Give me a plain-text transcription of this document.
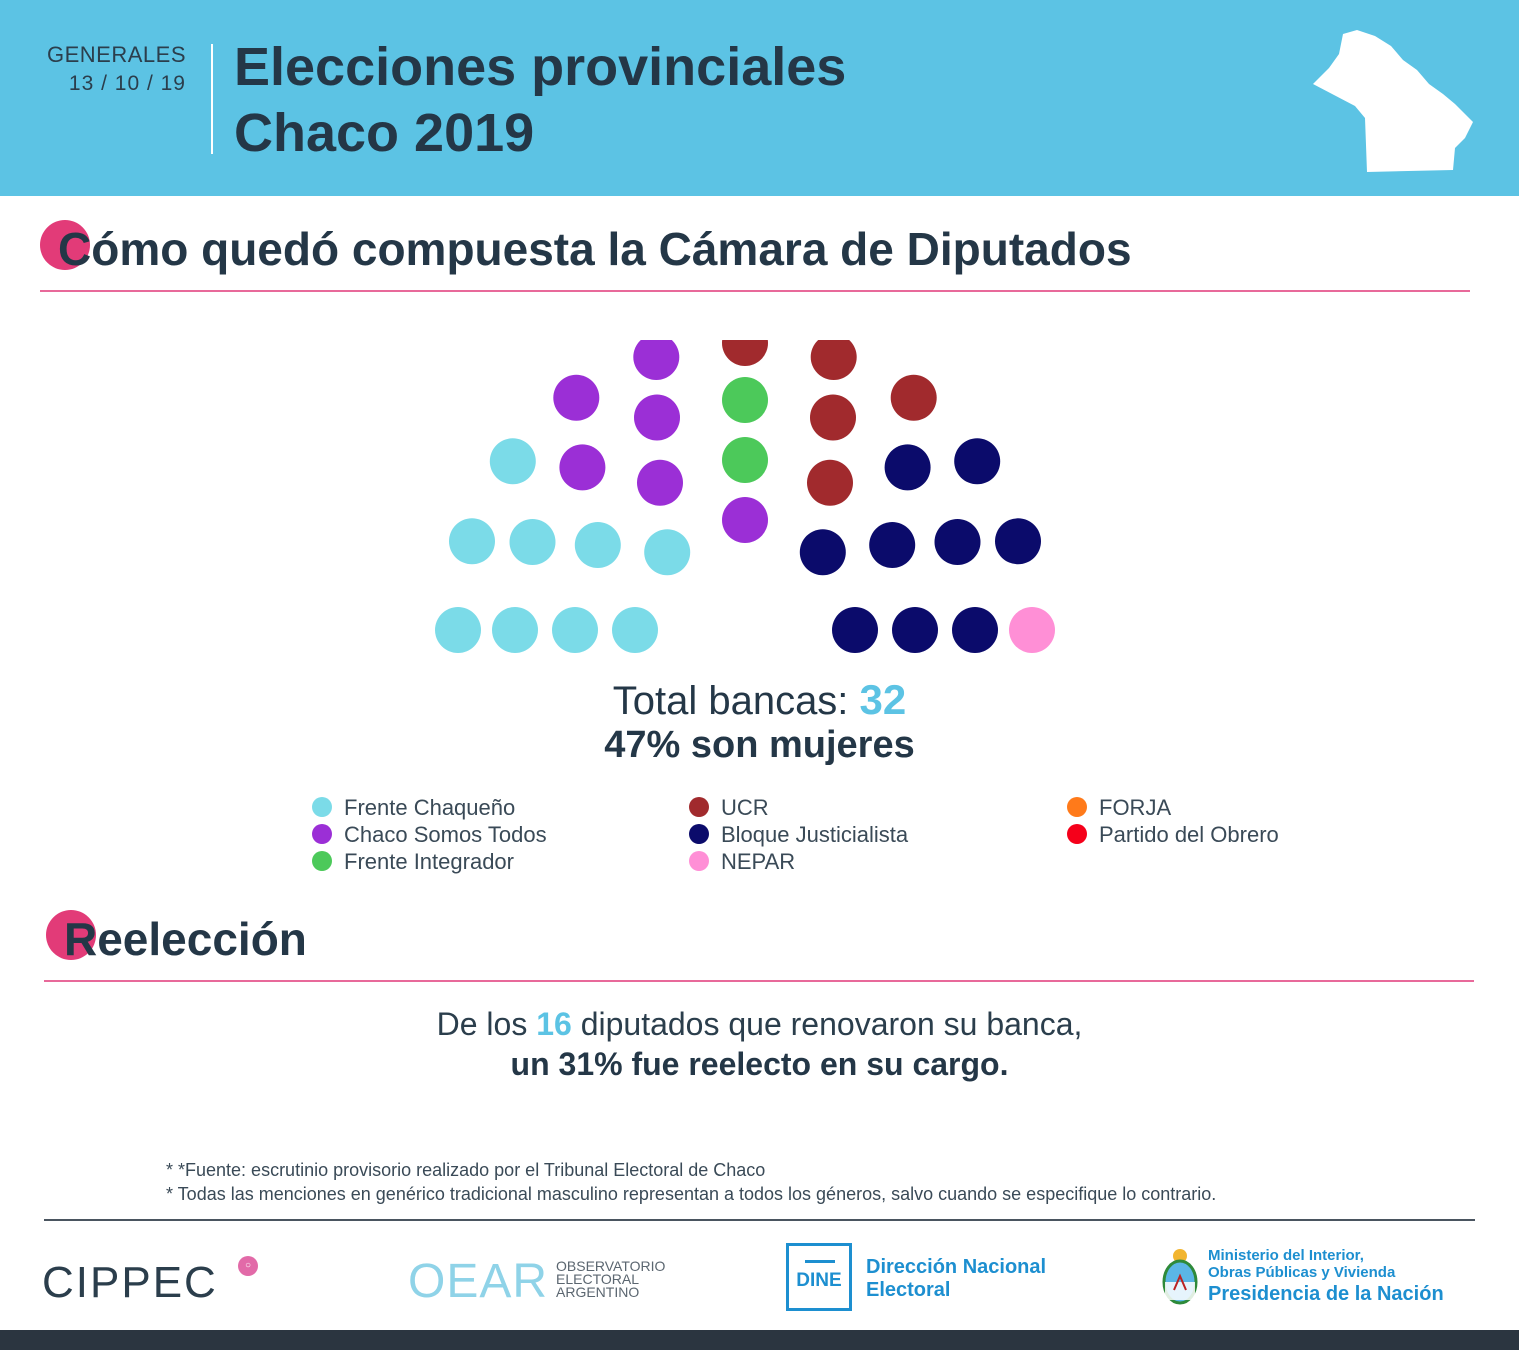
GENERALES
13 / 10 / 19 Elecciones provinciales
Chaco 2019
Cómo quedó compuesta la Cámara de Diputados
Total bancas: 32
47% son mujeres
Frente Chaqueño
Chaco Somos Todos
Frente Integrador
UCR
Bloque Justicialista
NEPAR
FORJA
Partido del Obrero
Reelección
De los 16 diputados que renovaron su banca,
un 31% fue reelecto en su cargo.
* *Fuente: escrutinio provisorio realizado por el Tribunal Electoral de Chaco
* Todas las menciones en genérico tradicional masculino representan a todos los géneros, salvo cuando se especifique lo contrario.
CIPPEC	○	OEAR OBSERVATORIO
ELECTORAL
ARGENTINO
DINE
Dirección Nacional
Electoral
Ministerio del Interior,
Obras Públicas y Vivienda
Presidencia de la Nación
